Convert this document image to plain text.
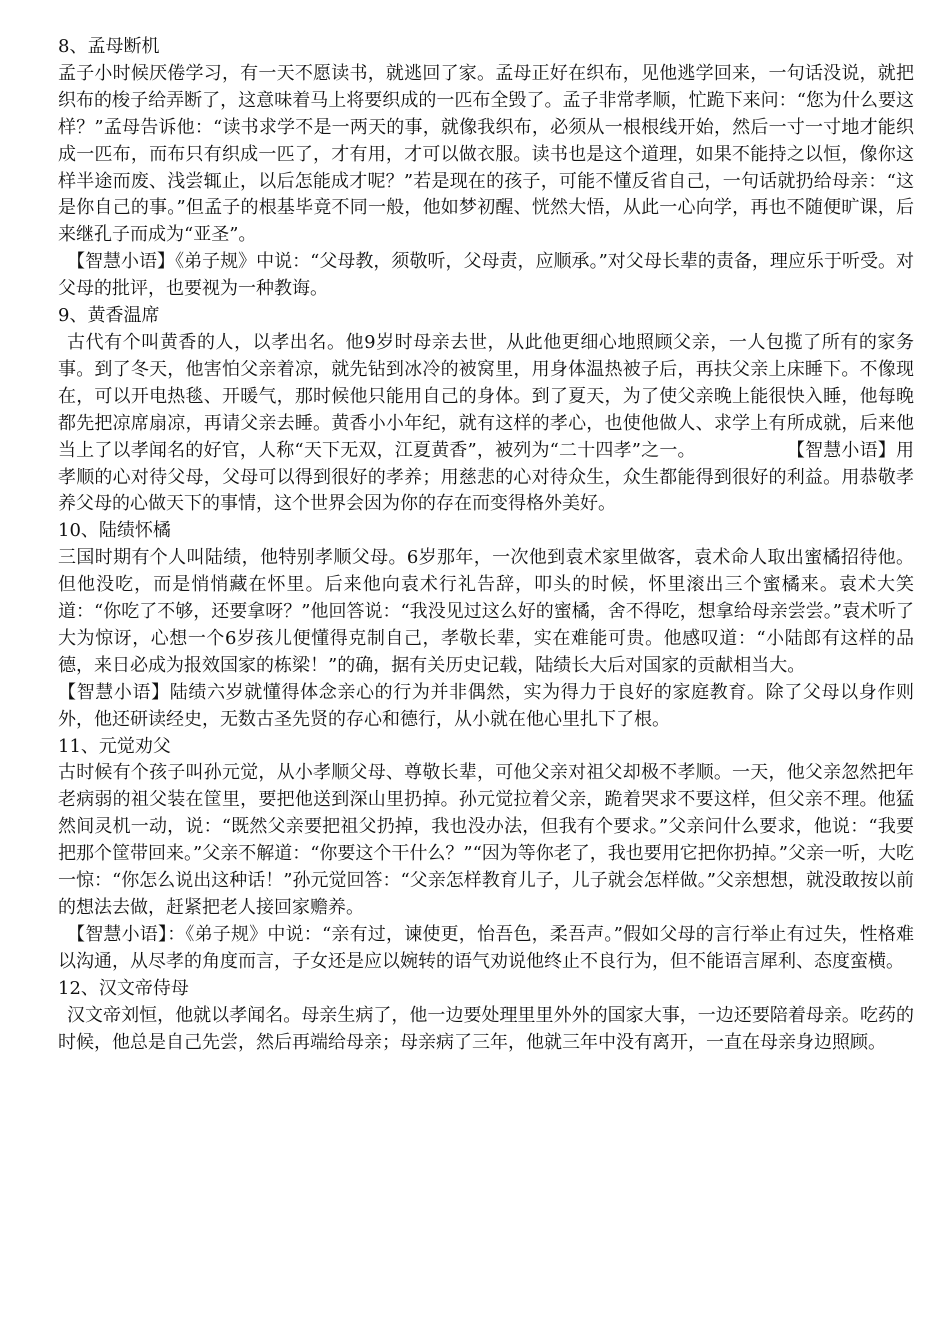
8、孟母断机

孟子小时候厌倦学习，有一天不愿读书，就逃回了家。孟母正好在织布，见他逃学回来，一句话没说，就把织布的梭子给弄断了，这意味着马上将要织成的一匹布全毁了。孟子非常孝顺，忙跪下来问：“您为什么要这样？”孟母告诉他：“读书求学不是一两天的事，就像我织布，必须从一根根线开始，然后一寸一寸地才能织成一匹布，而布只有织成一匹了，才有用，才可以做衣服。读书也是这个道理，如果不能持之以恒，像你这样半途而废、浅尝辄止，以后怎能成才呢？”若是现在的孩子，可能不懂反省自己，一句话就扔给母亲：“这是你自己的事。”但孟子的根基毕竟不同一般，他如梦初醒、恍然大悟，从此一心向学，再也不随便旷课，后来继孔子而成为“亚圣”。

【智慧小语】《弟子规》中说：“父母教，须敬听，父母责，应顺承。”对父母长辈的责备，理应乐于听受。对父母的批评，也要视为一种教诲。

9、黄香温席

古代有个叫黄香的人，以孝出名。他9岁时母亲去世，从此他更细心地照顾父亲，一人包揽了所有的家务事。到了冬天，他害怕父亲着凉，就先钻到冰冷的被窝里，用身体温热被子后，再扶父亲上床睡下。不像现在，可以开电热毯、开暖气，那时候他只能用自己的身体。到了夏天，为了使父亲晚上能很快入睡，他每晚都先把凉席扇凉，再请父亲去睡。黄香小小年纪，就有这样的孝心，也使他做人、求学上有所成就，后来他当上了以孝闻名的好官，人称“天下无双，江夏黄香”，被列为“二十四孝”之一。　　　　　　【智慧小语】用孝顺的心对待父母，父母可以得到很好的孝养；用慈悲的心对待众生，众生都能得到很好的利益。用恭敬孝养父母的心做天下的事情，这个世界会因为你的存在而变得格外美好。

10、陆绩怀橘

三国时期有个人叫陆绩，他特别孝顺父母。6岁那年，一次他到袁术家里做客，袁术命人取出蜜橘招待他。但他没吃，而是悄悄藏在怀里。后来他向袁术行礼告辞，叩头的时候，怀里滚出三个蜜橘来。袁术大笑道：“你吃了不够，还要拿呀？”他回答说：“我没见过这么好的蜜橘，舍不得吃，想拿给母亲尝尝。”袁术听了大为惊讶，心想一个6岁孩儿便懂得克制自己，孝敬长辈，实在难能可贵。他感叹道：“小陆郎有这样的品德，来日必成为报效国家的栋梁！”的确，据有关历史记载，陆绩长大后对国家的贡献相当大。

【智慧小语】陆绩六岁就懂得体念亲心的行为并非偶然，实为得力于良好的家庭教育。除了父母以身作则外，他还研读经史，无数古圣先贤的存心和德行，从小就在他心里扎下了根。

11、元觉劝父

古时候有个孩子叫孙元觉，从小孝顺父母、尊敬长辈，可他父亲对祖父却极不孝顺。一天，他父亲忽然把年老病弱的祖父装在筐里，要把他送到深山里扔掉。孙元觉拉着父亲，跪着哭求不要这样，但父亲不理。他猛然间灵机一动，说：“既然父亲要把祖父扔掉，我也没办法，但我有个要求。”父亲问什么要求，他说：“我要把那个筐带回来。”父亲不解道：“你要这个干什么？”“因为等你老了，我也要用它把你扔掉。”父亲一听，大吃一惊：“你怎么说出这种话！”孙元觉回答：“父亲怎样教育儿子，儿子就会怎样做。”父亲想想，就没敢按以前的想法去做，赶紧把老人接回家赡养。

【智慧小语】：《弟子规》中说：“亲有过，谏使更，怡吾色，柔吾声。”假如父母的言行举止有过失，性格难以沟通，从尽孝的角度而言，子女还是应以婉转的语气劝说他终止不良行为，但不能语言犀利、态度蛮横。

12、汉文帝侍母

汉文帝刘恒，他就以孝闻名。母亲生病了，他一边要处理里里外外的国家大事，一边还要陪着母亲。吃药的时候，他总是自己先尝，然后再端给母亲；母亲病了三年，他就三年中没有离开，一直在母亲身边照顾。
